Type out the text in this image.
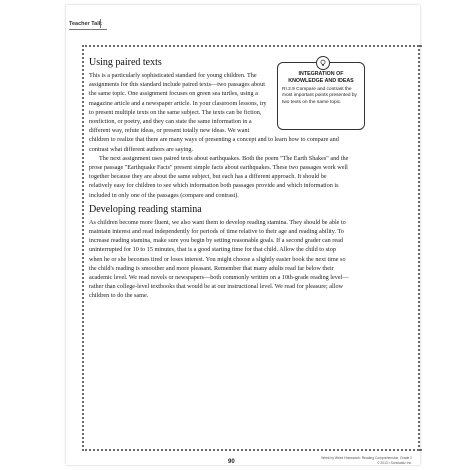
Teacher Talk
Using paired texts
INTEGRATION OF KNOWLEDGE AND IDEAS
RI.2.9 Compare and contrast the most important points presented by two texts on the same topic.

This is a particularly sophisticated standard for young children. The assignments for this standard include paired texts—two passages about the same topic. One assignment focuses on green sea turtles, using a magazine article and a newspaper article. In your classroom lessons, try to present multiple texts on the same subject. The texts can be fiction, nonfiction, or poetry, and they can state the same information in a different way, refute ideas, or present totally new ideas. We want children to realize that there are many ways of presenting a concept and to learn how to compare and contrast what different authors are saying.

The next assignment uses paired texts about earthquakes. Both the poem "The Earth Shakes" and the prose passage "Earthquake Facts" present simple facts about earthquakes. These two passages work well together because they are about the same subject, but each has a different approach. It should be relatively easy for children to see which information both passages provide and which information is included in only one of the passages (compare and contrast).

Developing reading stamina

As children become more fluent, we also want them to develop reading stamina. They should be able to maintain interest and read independently for periods of time relative to their age and reading ability. To increase reading stamina, make sure you begin by setting reasonable goals. If a second grader can read uninterrupted for 10 to 15 minutes, that is a good starting time for that child. Allow the child to stop when he or she becomes tired or loses interest. You might choose a slightly easier book the next time so the child's reading is smoother and more pleasant. Remember that many adults read far below their academic level. We read novels or newspapers—both commonly written on a 10th-grade reading level—rather than college-level textbooks that would be at our instructional level. We read for pleasure; allow children to do the same.

90
Week by Week Homework: Reading Comprehension, Grade 2
© 2013 • Scholastic Inc.
